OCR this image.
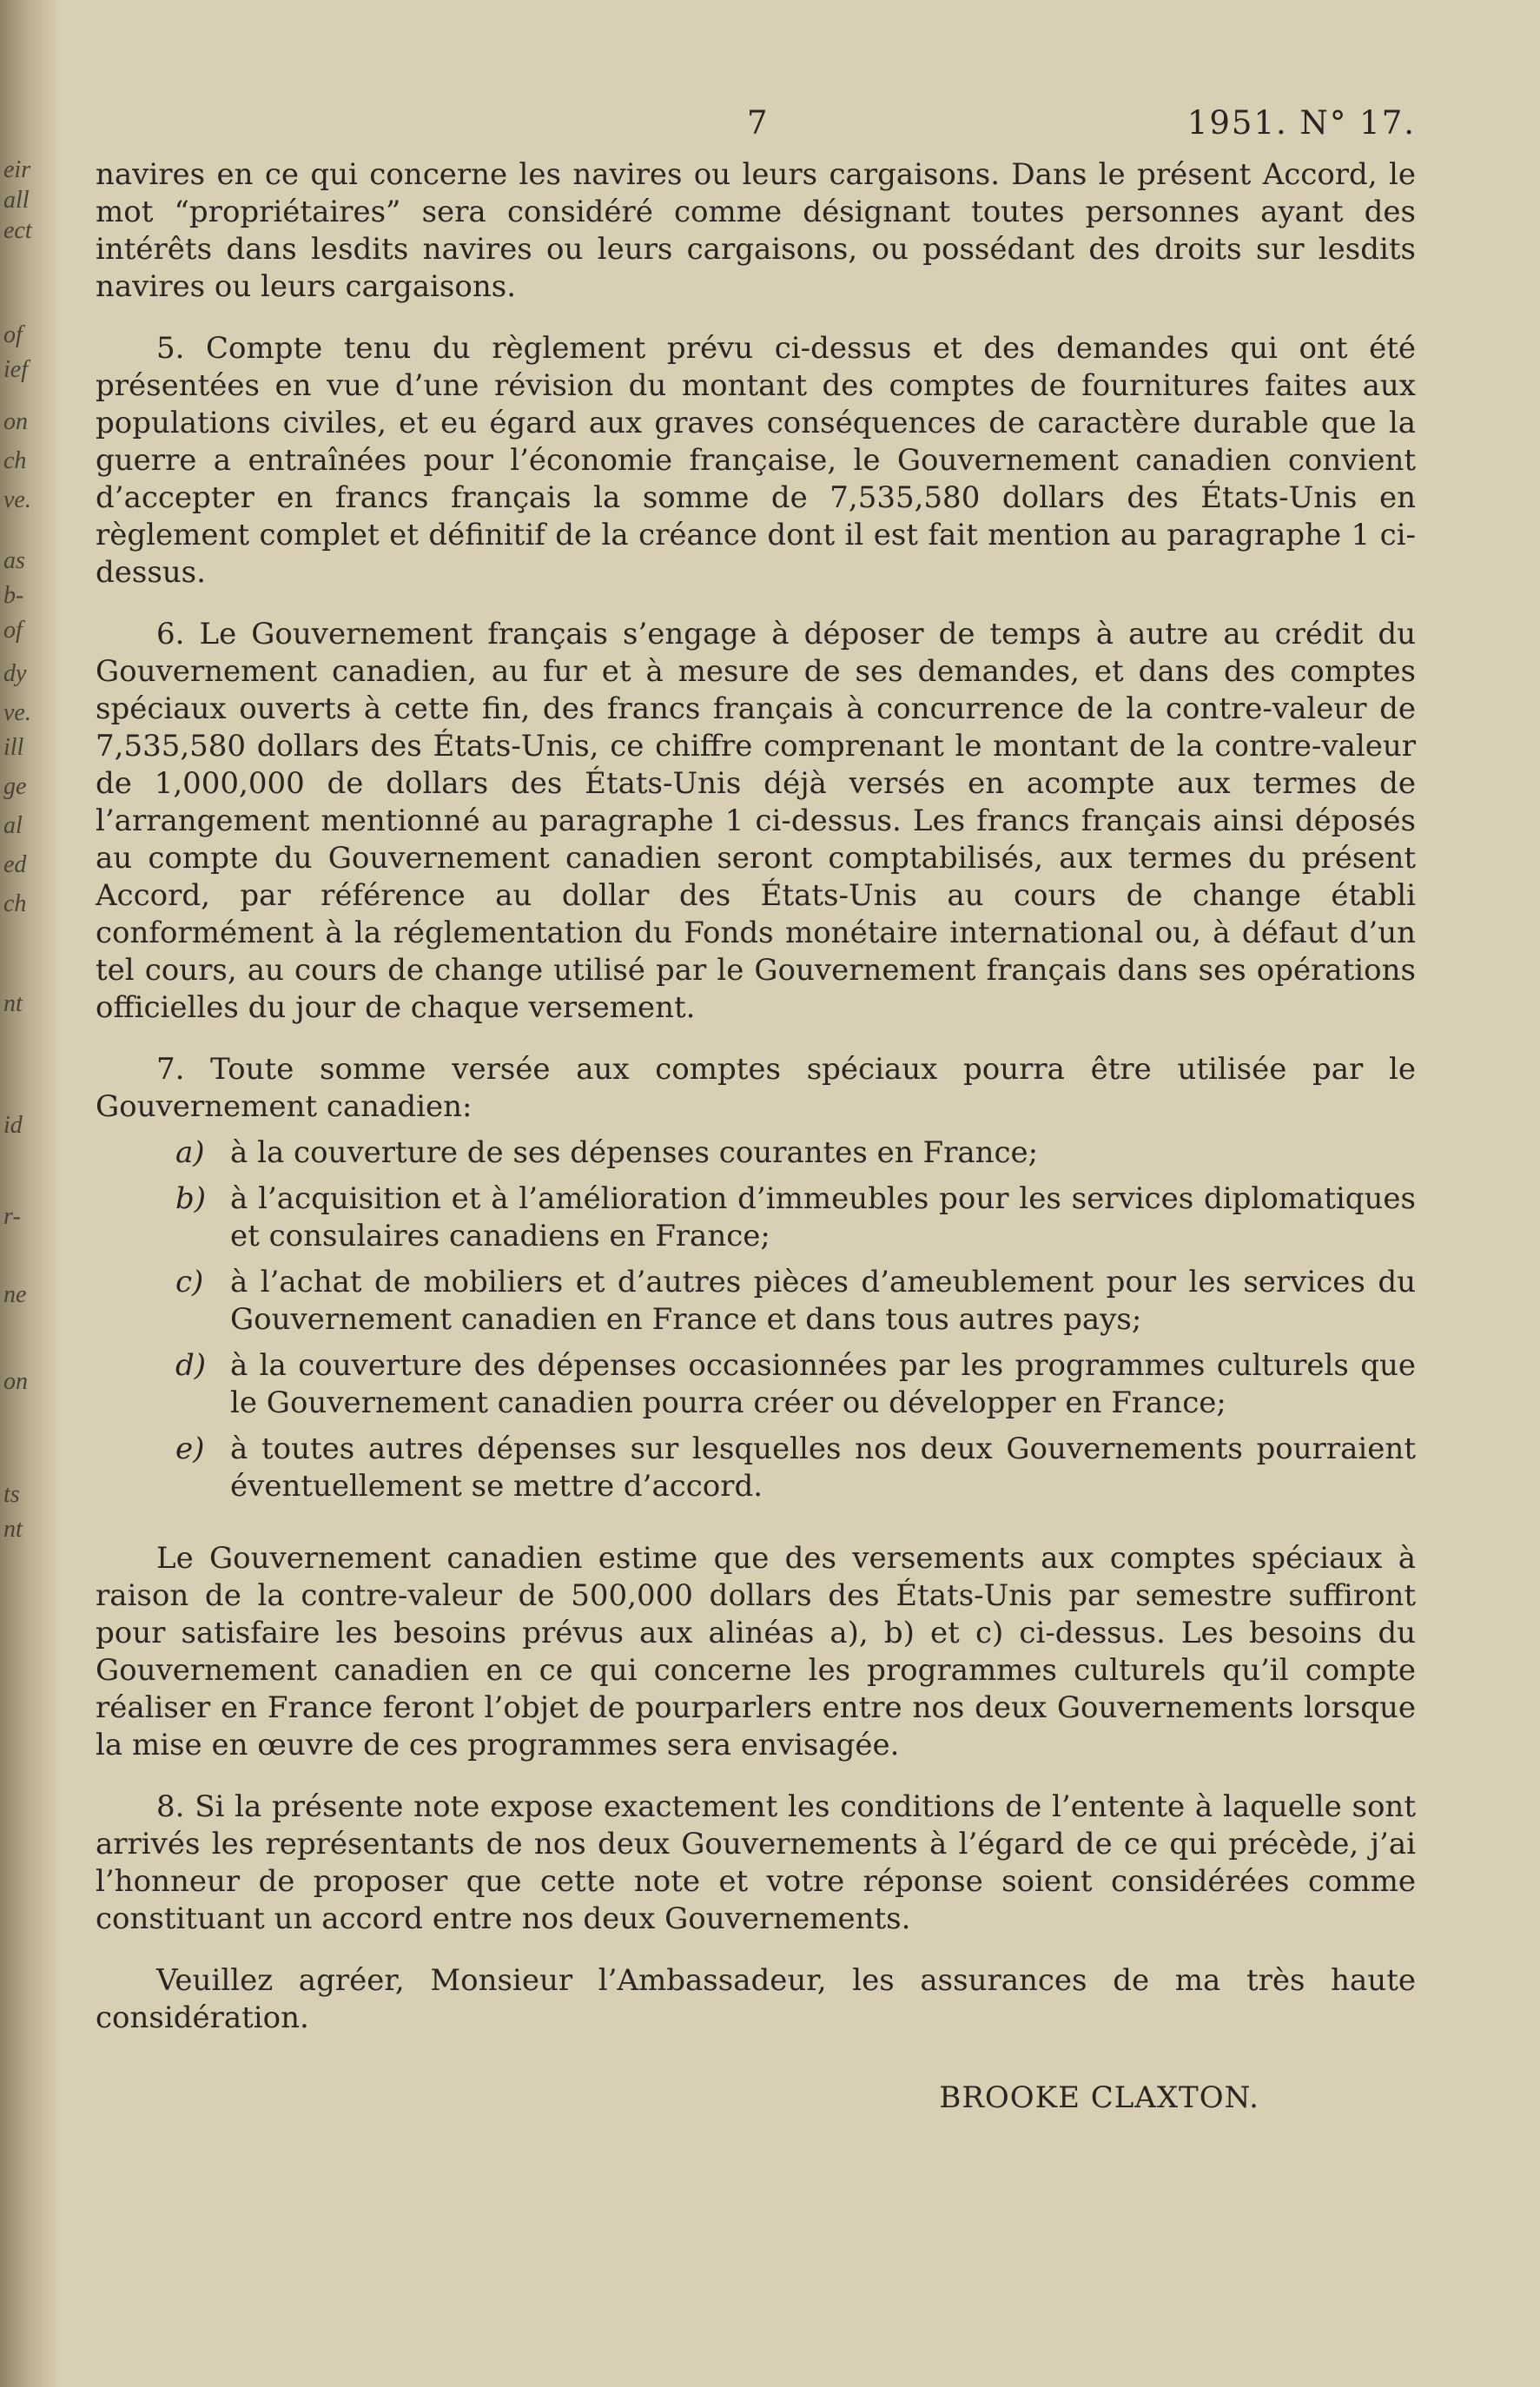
eir
all
ect
of
ief
on
ch
ve.
as
b-
of
dy
ve.
ill
ge
al
ed
ch
nt
id
r-
ne
on
ts
nt
7	1951. N° 17.

navires en ce qui concerne les navires ou leurs cargaisons. Dans le présent Accord, le mot “propriétaires” sera considéré comme désignant toutes personnes ayant des intérêts dans lesdits navires ou leurs cargaisons, ou possédant des droits sur lesdits navires ou leurs cargaisons.

5. Compte tenu du règlement prévu ci-dessus et des demandes qui ont été présentées en vue d’une révision du montant des comptes de fournitures faites aux populations civiles, et eu égard aux graves conséquences de caractère durable que la guerre a entraînées pour l’économie française, le Gouvernement canadien convient d’accepter en francs français la somme de 7,535,580 dollars des États-Unis en règlement complet et définitif de la créance dont il est fait mention au paragraphe 1 ci-dessus.

6. Le Gouvernement français s’engage à déposer de temps à autre au crédit du Gouvernement canadien, au fur et à mesure de ses demandes, et dans des comptes spéciaux ouverts à cette fin, des francs français à concurrence de la contre-valeur de 7,535,580 dollars des États-Unis, ce chiffre comprenant le montant de la contre-valeur de 1,000,000 de dollars des États-Unis déjà versés en acompte aux termes de l’arrangement mentionné au paragraphe 1 ci-dessus. Les francs français ainsi déposés au compte du Gouvernement canadien seront comptabilisés, aux termes du présent Accord, par référence au dollar des États-Unis au cours de change établi conformément à la réglementation du Fonds monétaire international ou, à défaut d’un tel cours, au cours de change utilisé par le Gouvernement français dans ses opérations officielles du jour de chaque versement.

7. Toute somme versée aux comptes spéciaux pourra être utilisée par le Gouvernement canadien:

a) à la couverture de ses dépenses courantes en France;
b) à l’acquisition et à l’amélioration d’immeubles pour les services diplomatiques et consulaires canadiens en France;
c) à l’achat de mobiliers et d’autres pièces d’ameublement pour les services du Gouvernement canadien en France et dans tous autres pays;
d) à la couverture des dépenses occasionnées par les programmes culturels que le Gouvernement canadien pourra créer ou développer en France;
e) à toutes autres dépenses sur lesquelles nos deux Gouvernements pourraient éventuellement se mettre d’accord.

Le Gouvernement canadien estime que des versements aux comptes spéciaux à raison de la contre-valeur de 500,000 dollars des États-Unis par semestre suffiront pour satisfaire les besoins prévus aux alinéas a), b) et c) ci-dessus. Les besoins du Gouvernement canadien en ce qui concerne les programmes culturels qu’il compte réaliser en France feront l’objet de pourparlers entre nos deux Gouvernements lorsque la mise en œuvre de ces programmes sera envisagée.

8. Si la présente note expose exactement les conditions de l’entente à laquelle sont arrivés les représentants de nos deux Gouvernements à l’égard de ce qui précède, j’ai l’honneur de proposer que cette note et votre réponse soient considérées comme constituant un accord entre nos deux Gouvernements.

Veuillez agréer, Monsieur l’Ambassadeur, les assurances de ma très haute considération.

BROOKE CLAXTON.
